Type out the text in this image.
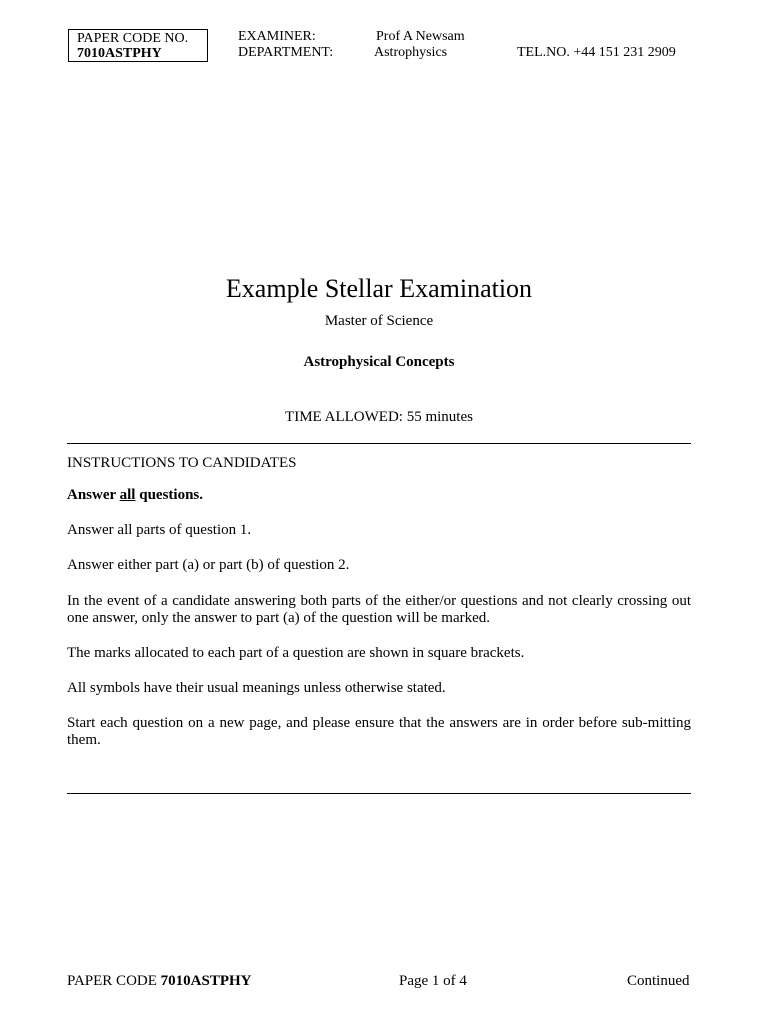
PAPER CODE NO.
7010ASTPHY
EXAMINER:	Prof A Newsam
DEPARTMENT:	Astrophysics	TEL.NO. +44 151 231 2909
Example Stellar Examination
Master of Science
Astrophysical Concepts
TIME ALLOWED: 55 minutes
INSTRUCTIONS TO CANDIDATES
Answer all questions.
Answer all parts of question 1.
Answer either part (a) or part (b) of question 2.
In the event of a candidate answering both parts of the either/or questions and not clearly crossing out one answer, only the answer to part (a) of the question will be marked.
The marks allocated to each part of a question are shown in square brackets.
All symbols have their usual meanings unless otherwise stated.
Start each question on a new page, and please ensure that the answers are in order before sub-mitting them.
PAPER CODE 7010ASTPHY	Page 1 of 4	Continued
